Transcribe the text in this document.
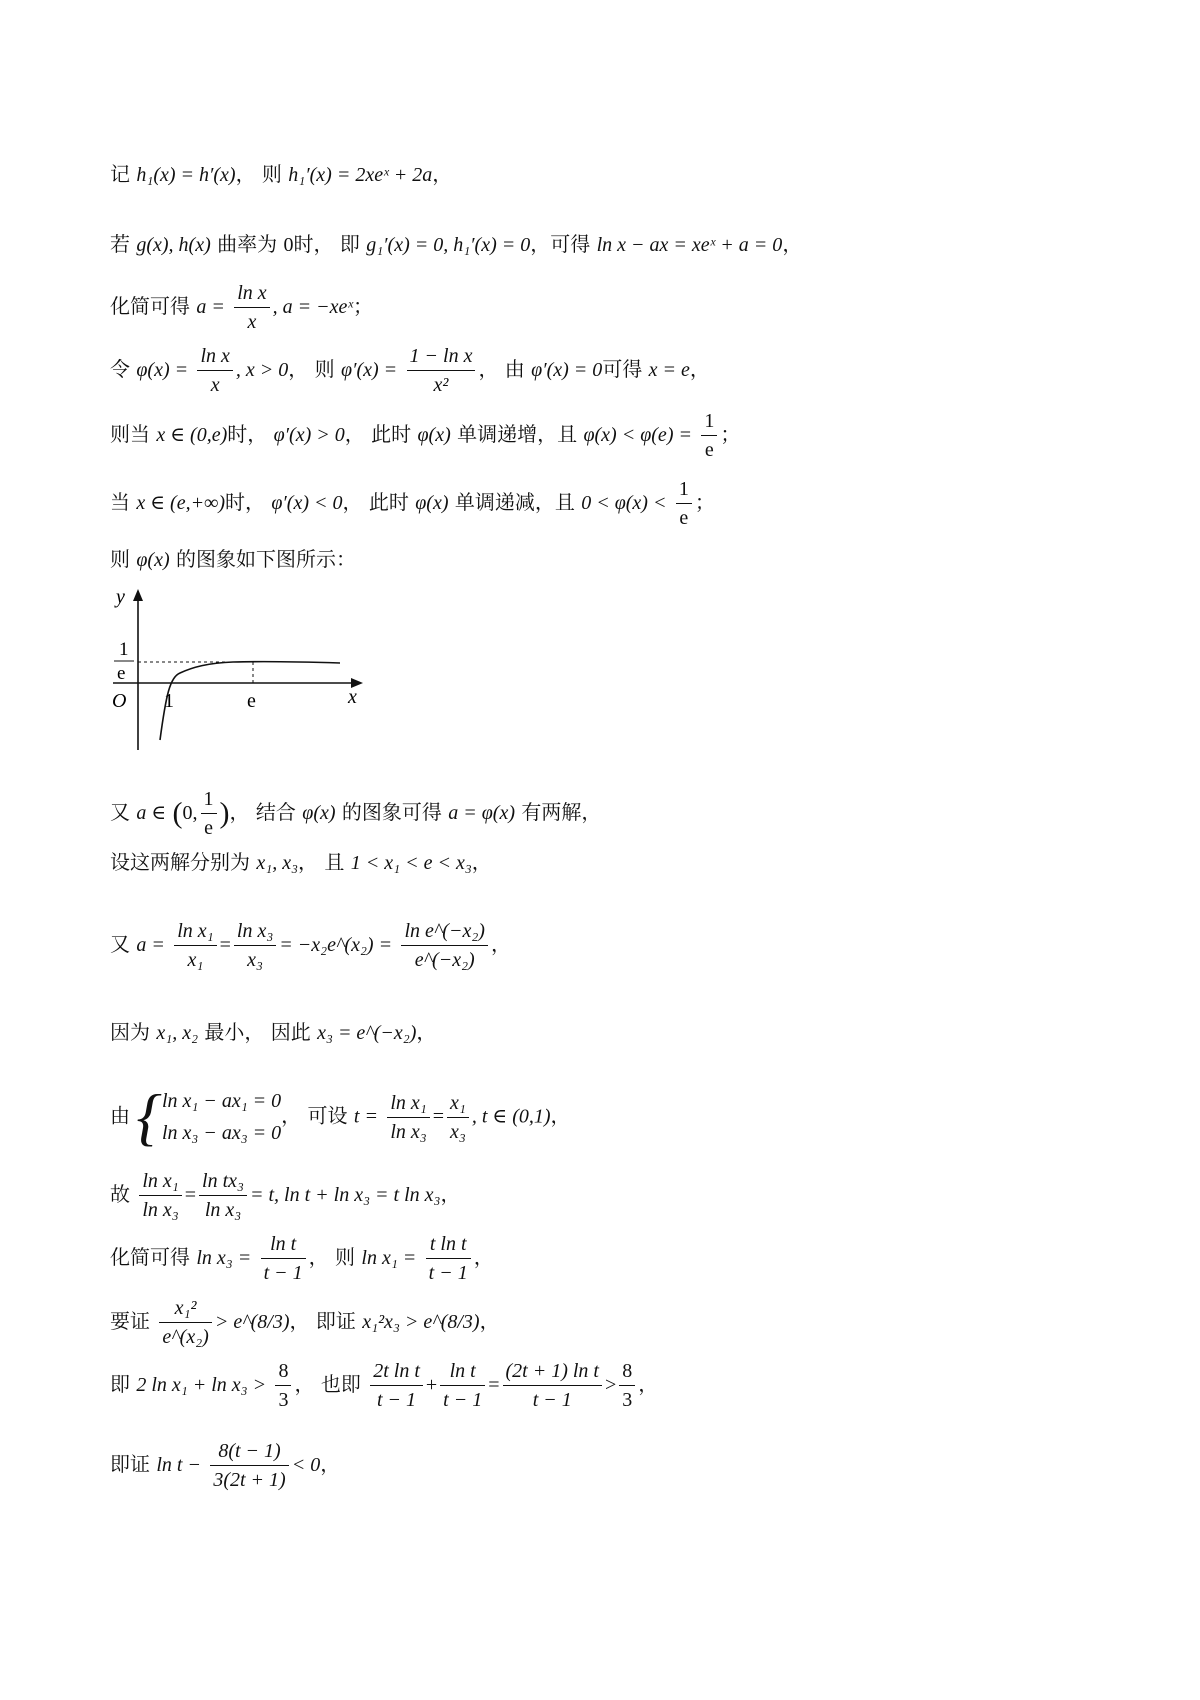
记 h₁(x) = h′(x)， 则 h₁′(x) = 2xeˣ + 2a，
若 g(x), h(x) 曲率为 0时， 即 g₁′(x) = 0, h₁′(x) = 0，可得 ln x − ax = xeˣ + a = 0，
化简可得 $a = \frac{\text{ln x}}{x}$ , a = −xeˣ；
令 $\varphi(x) = \frac{\text{ln x}}{x}$ , x > 0， 则 $\varphi'(x) = \frac{\text{1 − ln x}}{\text{x²}}$ ， 由 φ′(x) = 0可得 x = e，
则当 x ∈ (0,e)时， φ′(x) > 0， 此时 φ(x) 单调递增，且 $\varphi(x) < \varphi(e) = \frac{1}{e}$ ；
当 x ∈ (e,+∞)时， φ′(x) < 0， 此时 φ(x) 单调递减，且 $0 < \varphi(x) < \frac{1}{e}$ ；
则 φ(x) 的图象如下图所示：
y
x
O 1	e
1
e
又 a ∈ (0, $\frac{1}{e}$ )， 结合 φ(x) 的图象可得 a = φ(x) 有两解，
设这两解分别为 x₁, x₃， 且 1 < x₁ < e < x₃，
又 $a = \frac{\text{ln x₁}}{\text{x₁}} = \frac{\text{ln x₃}}{\text{x₃}}$ = −x₂e^(x₂) = $\frac{\text{ln e\textasciicircum{}(−x₂)}}{\text{e\textasciicircum{}(−x₂)}}$ ，
因为 x₁, x₂ 最小， 因此 x₃ = e^(−x₂)，
由 { ln x₁ − ax₁ = 0
ln x₃ − ax₃ = 0
， 可设 $t = \frac{\text{ln x₁}}{\text{ln x₃}} = \frac{\text{x₁}}{\text{x₃}}$ , t ∈ (0,1)，
故 $\frac{\text{ln x₁}}{\text{ln x₃}} = \frac{\text{ln tx₃}}{\text{ln x₃}} = t$, ln t + ln x₃ = t ln x₃，
化简可得 $\ln x_3 = \frac{\text{ln t}}{t - 1}$ ， 则 $\ln x_1 = \frac{\text{t ln t}}{t - 1}$ ，
要证 $\frac{\text{x₁²}}{\text{e\textasciicircum{}(x₂)}}$ > e^(8/3)， 即证 x₁²x₃ > e^(8/3)，
即 2 $\ln x_1 + \ln x_3 > \frac{8}{3}$ ， 也即 $\frac{\text{2t ln t}}{t - 1} + \frac{\text{ln t}}{t - 1} = \frac{\text{(2t + 1) ln t}}{t - 1} > \frac{8}{3}$ ，
即证 $\ln t - \frac{8(t - 1)}{3(2t + 1)} < 0$，
